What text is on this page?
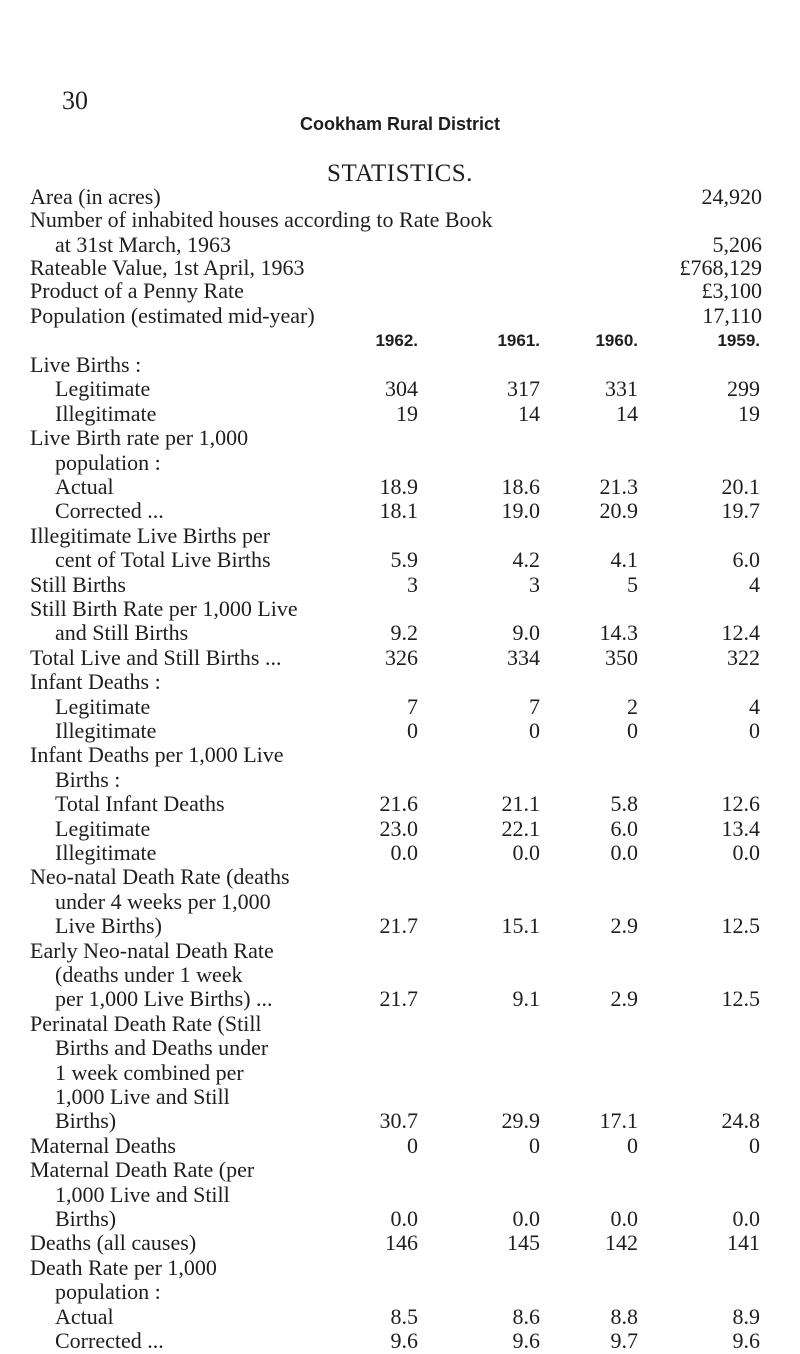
30
Cookham Rural District
STATISTICS.
Area (in acres)	24,920
Number of inhabited houses according to Rate Book
at 31st March, 1963	5,206
Rateable Value, 1st April, 1963	£768,129
Product of a Penny Rate	£3,100
Population (estimated mid-year)	17,110
1962.	1961.	1960.	1959.
Live Births :
Legitimate	304	317	331	299
Illegitimate	19	14	14	19
Live Birth rate per 1,000
population :
Actual	18.9	18.6	21.3	20.1
Corrected ...	18.1	19.0	20.9	19.7
Illegitimate Live Births per
cent of Total Live Births	5.9	4.2	4.1	6.0
Still Births	3	3	5	4
Still Birth Rate per 1,000 Live
and Still Births	9.2	9.0	14.3	12.4
Total Live and Still Births ...	326	334	350	322
Infant Deaths :
Legitimate	7	7	2	4
Illegitimate	0	0	0	0
Infant Deaths per 1,000 Live
Births :
Total Infant Deaths	21.6	21.1	5.8	12.6
Legitimate	23.0	22.1	6.0	13.4
Illegitimate	0.0	0.0	0.0	0.0
Neo-natal Death Rate (deaths
under 4 weeks per 1,000
Live Births)	21.7	15.1	2.9	12.5
Early Neo-natal Death Rate
(deaths under 1 week
per 1,000 Live Births) ...	21.7	9.1	2.9	12.5
Perinatal Death Rate (Still
Births and Deaths under
1 week combined per
1,000 Live and Still
Births)	30.7	29.9	17.1	24.8
Maternal Deaths	0	0	0	0
Maternal Death Rate (per
1,000 Live and Still
Births)	0.0	0.0	0.0	0.0
Deaths (all causes)	146	145	142	141
Death Rate per 1,000
population :
Actual	8.5	8.6	8.8	8.9
Corrected ...	9.6	9.6	9.7	9.6
